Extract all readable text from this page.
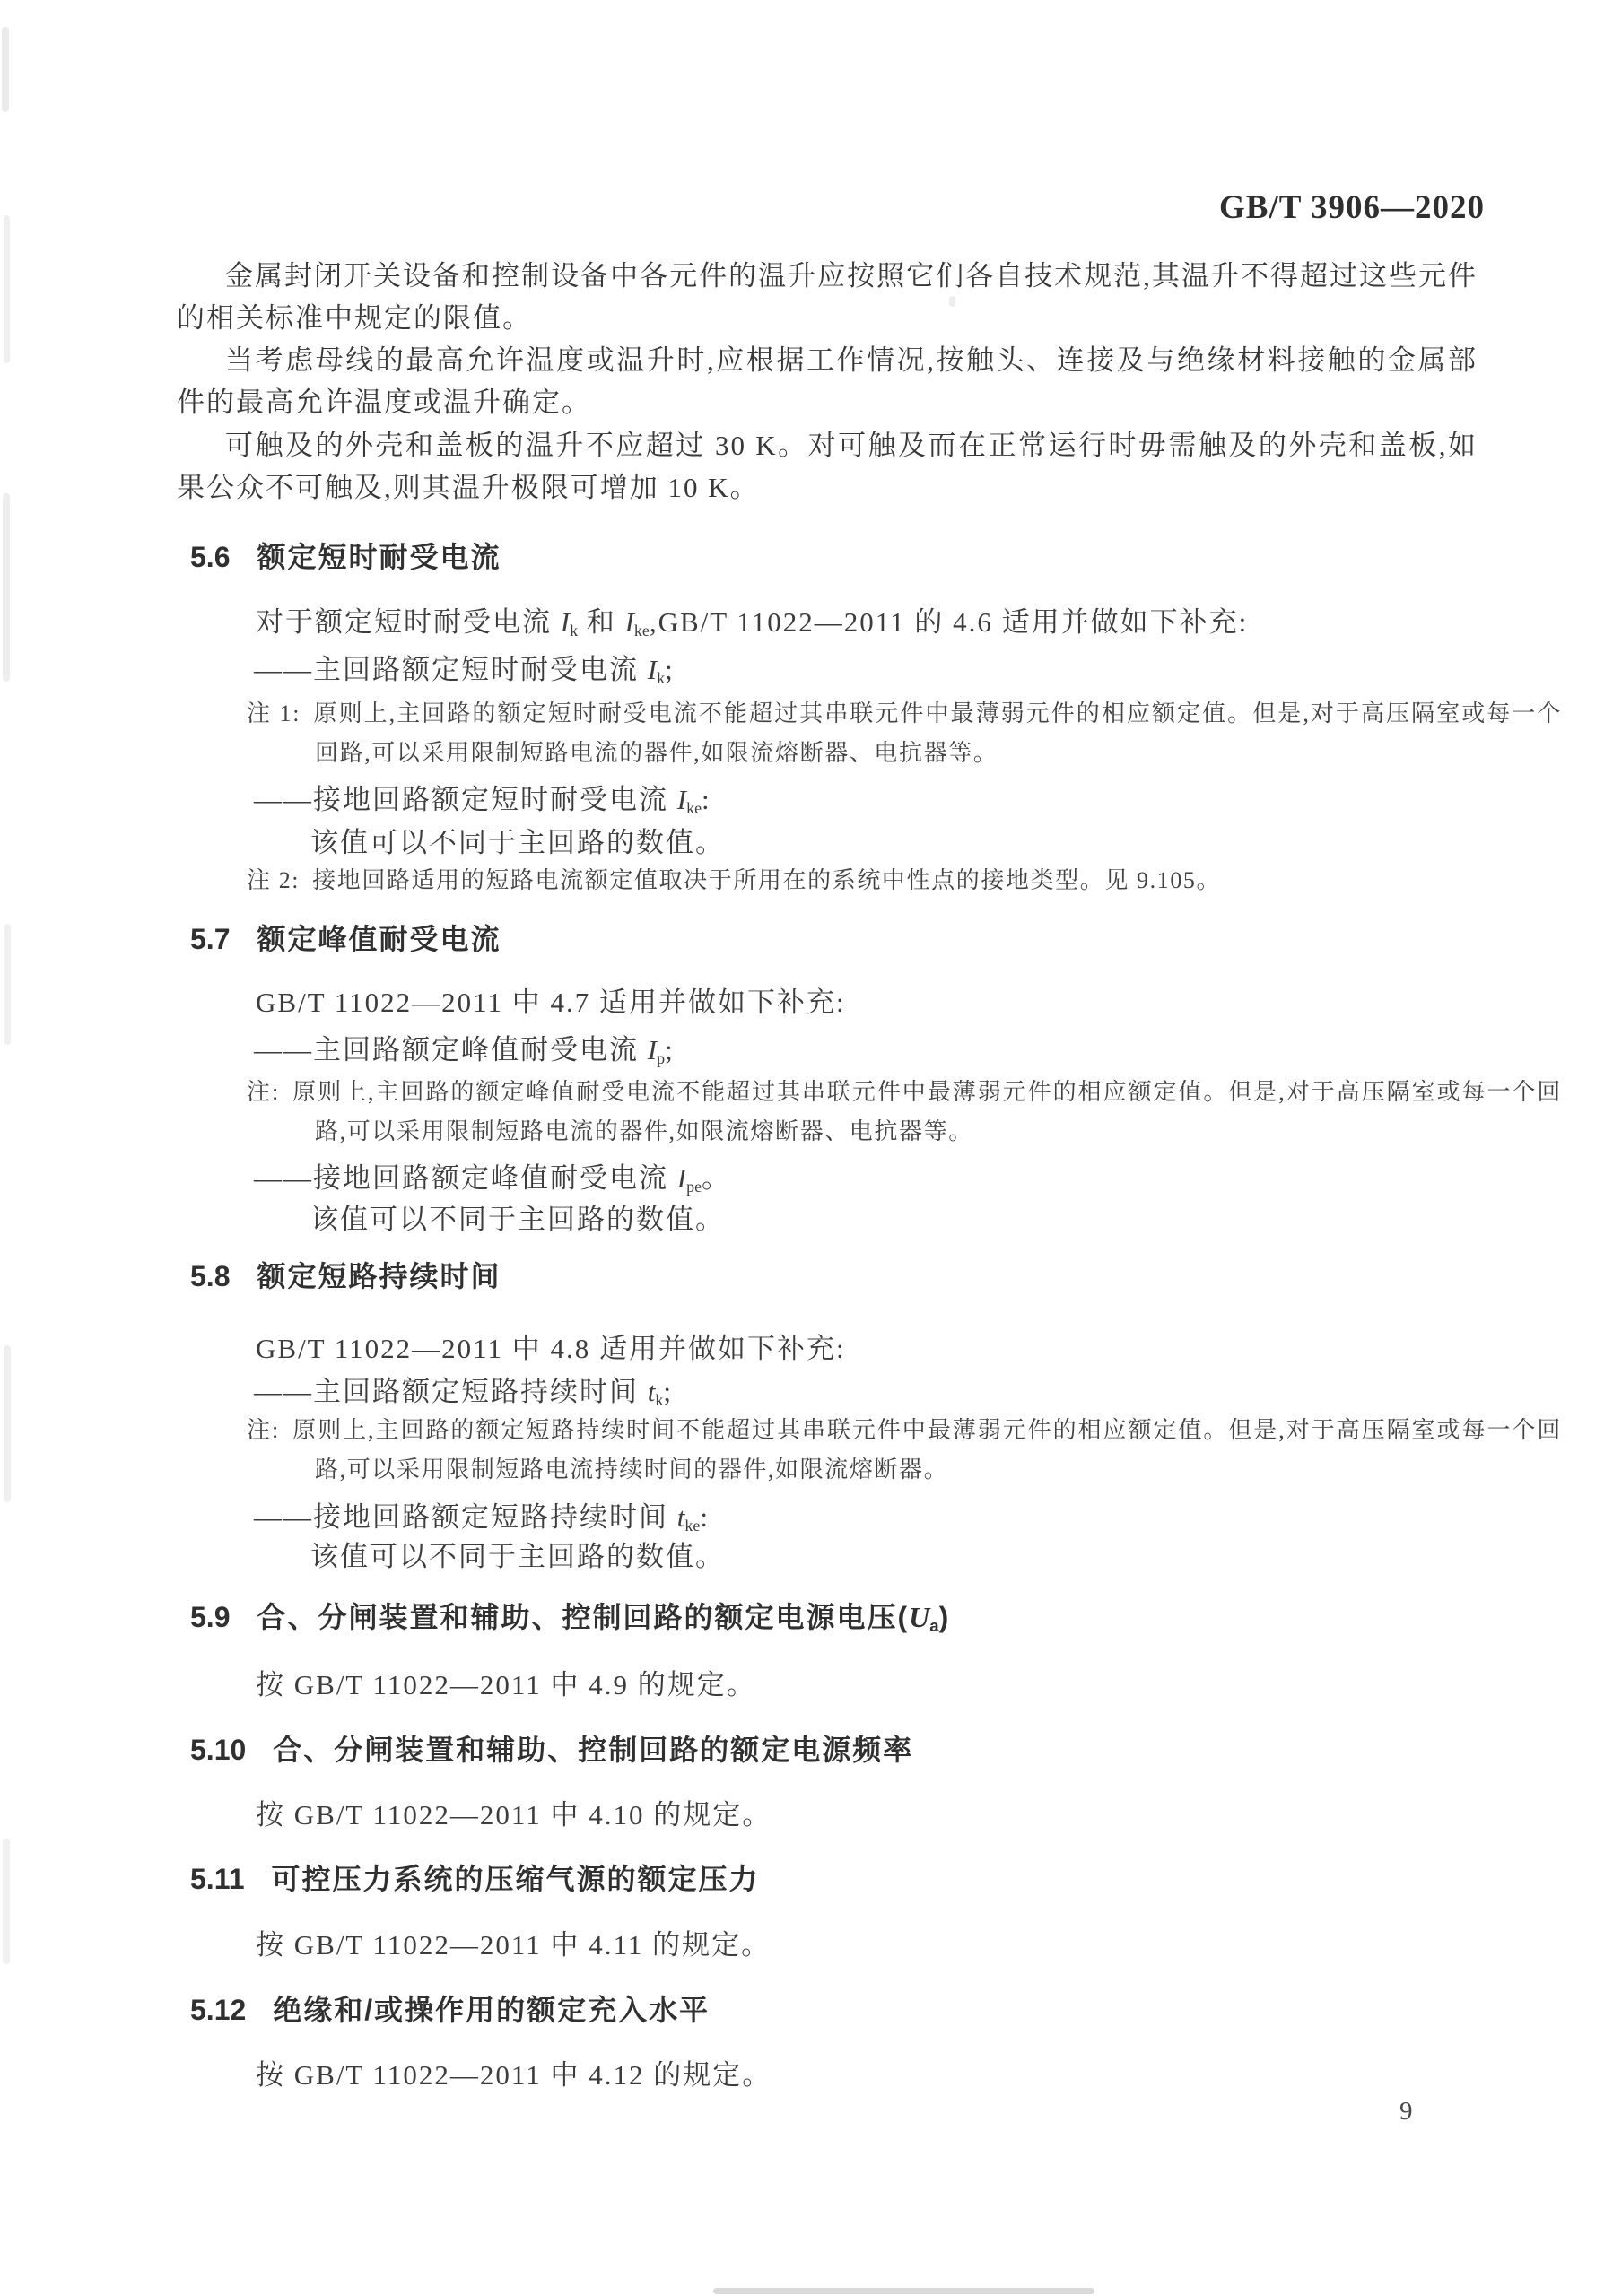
GB/T 3906—2020
金属封闭开关设备和控制设备中各元件的温升应按照它们各自技术规范,其温升不得超过这些元件的相关标准中规定的限值。
当考虑母线的最高允许温度或温升时,应根据工作情况,按触头、连接及与绝缘材料接触的金属部件的最高允许温度或温升确定。
可触及的外壳和盖板的温升不应超过 30 K。对可触及而在正常运行时毋需触及的外壳和盖板,如果公众不可触及,则其温升极限可增加 10 K。
5.6 额定短时耐受电流
对于额定短时耐受电流 Ik 和 Ike,GB/T 11022—2011 的 4.6 适用并做如下补充:
——主回路额定短时耐受电流 Ik;
注 1: 原则上,主回路的额定短时耐受电流不能超过其串联元件中最薄弱元件的相应额定值。但是,对于高压隔室或每一个回路,可以采用限制短路电流的器件,如限流熔断器、电抗器等。
——接地回路额定短时耐受电流 Ike:
该值可以不同于主回路的数值。
注 2: 接地回路适用的短路电流额定值取决于所用在的系统中性点的接地类型。见 9.105。
5.7 额定峰值耐受电流
GB/T 11022—2011 中 4.7 适用并做如下补充:
——主回路额定峰值耐受电流 Ip;
注: 原则上,主回路的额定峰值耐受电流不能超过其串联元件中最薄弱元件的相应额定值。但是,对于高压隔室或每一个回路,可以采用限制短路电流的器件,如限流熔断器、电抗器等。
——接地回路额定峰值耐受电流 Ipe。
该值可以不同于主回路的数值。
5.8 额定短路持续时间
GB/T 11022—2011 中 4.8 适用并做如下补充:
——主回路额定短路持续时间 tk;
注: 原则上,主回路的额定短路持续时间不能超过其串联元件中最薄弱元件的相应额定值。但是,对于高压隔室或每一个回路,可以采用限制短路电流持续时间的器件,如限流熔断器。
——接地回路额定短路持续时间 tke:
该值可以不同于主回路的数值。
5.9 合、分闸装置和辅助、控制回路的额定电源电压(Ua)
按 GB/T 11022—2011 中 4.9 的规定。
5.10 合、分闸装置和辅助、控制回路的额定电源频率
按 GB/T 11022—2011 中 4.10 的规定。
5.11 可控压力系统的压缩气源的额定压力
按 GB/T 11022—2011 中 4.11 的规定。
5.12 绝缘和/或操作用的额定充入水平
按 GB/T 11022—2011 中 4.12 的规定。
9
